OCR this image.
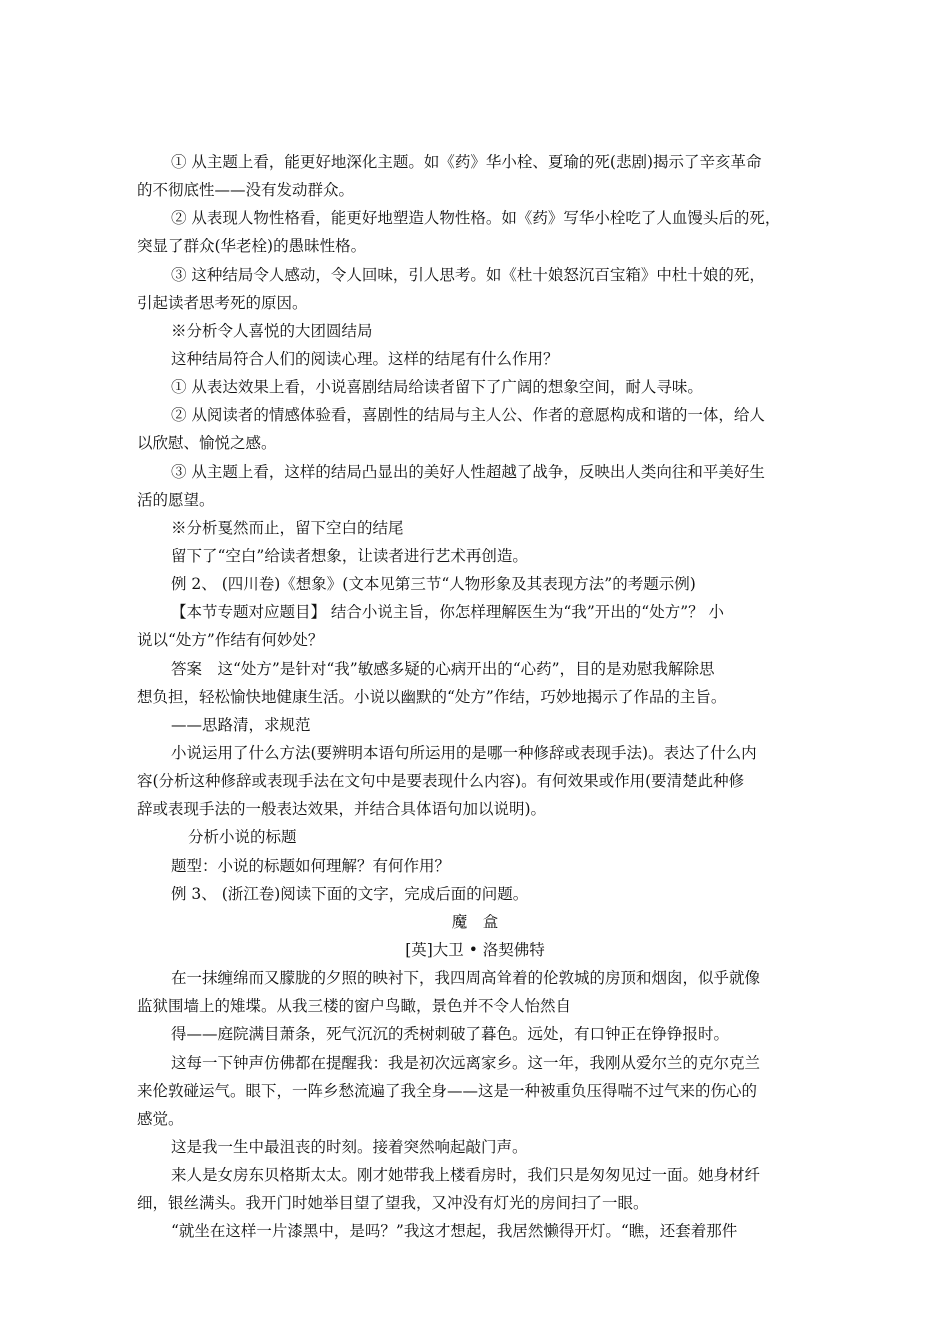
① 从主题上看，能更好地深化主题。如《药》华小栓、夏瑜的死(悲剧)揭示了辛亥革命
的不彻底性——没有发动群众。
② 从表现人物性格看，能更好地塑造人物性格。如《药》写华小栓吃了人血馒头后的死，
突显了群众(华老栓)的愚昧性格。
③ 这种结局令人感动，令人回味，引人思考。如《杜十娘怒沉百宝箱》中杜十娘的死，
引起读者思考死的原因。
※分析令人喜悦的大团圆结局
这种结局符合人们的阅读心理。这样的结尾有什么作用？
① 从表达效果上看，小说喜剧结局给读者留下了广阔的想象空间，耐人寻味。
② 从阅读者的情感体验看，喜剧性的结局与主人公、作者的意愿构成和谐的一体，给人
以欣慰、愉悦之感。
③ 从主题上看，这样的结局凸显出的美好人性超越了战争，反映出人类向往和平美好生
活的愿望。
※分析戛然而止，留下空白的结尾
留下了“空白”给读者想象，让读者进行艺术再创造。
例 2、 (四川卷)《想象》(文本见第三节“人物形象及其表现方法”的考题示例)
【本节专题对应题目】 结合小说主旨，你怎样理解医生为“我”开出的“处方”？ 小
说以“处方”作结有何妙处？
答案　这“处方”是针对“我”敏感多疑的心病开出的“心药”，目的是劝慰我解除思
想负担，轻松愉快地健康生活。小说以幽默的“处方”作结，巧妙地揭示了作品的主旨。
——思路清，求规范
小说运用了什么方法(要辨明本语句所运用的是哪一种修辞或表现手法)。表达了什么内
容(分析这种修辞或表现手法在文句中是要表现什么内容)。有何效果或作用(要清楚此种修
辞或表现手法的一般表达效果，并结合具体语句加以说明)。
分析小说的标题
题型：小说的标题如何理解？有何作用？
例 3、 (浙江卷)阅读下面的文字，完成后面的问题。
魔　盒
[英]大卫 • 洛契佛特
在一抹缠绵而又朦胧的夕照的映衬下，我四周高耸着的伦敦城的房顶和烟囱，似乎就像
监狱围墙上的雉堞。从我三楼的窗户鸟瞰，景色并不令人怡然自
得——庭院满目萧条，死气沉沉的秃树刺破了暮色。远处，有口钟正在铮铮报时。
这每一下钟声仿佛都在提醒我：我是初次远离家乡。这一年，我刚从爱尔兰的克尔克兰
来伦敦碰运气。眼下，一阵乡愁流遍了我全身——这是一种被重负压得喘不过气来的伤心的
感觉。
这是我一生中最沮丧的时刻。接着突然响起敲门声。
来人是女房东贝格斯太太。刚才她带我上楼看房时，我们只是匆匆见过一面。她身材纤
细，银丝满头。我开门时她举目望了望我，又冲没有灯光的房间扫了一眼。
“就坐在这样一片漆黑中，是吗？”我这才想起，我居然懒得开灯。“瞧，还套着那件
